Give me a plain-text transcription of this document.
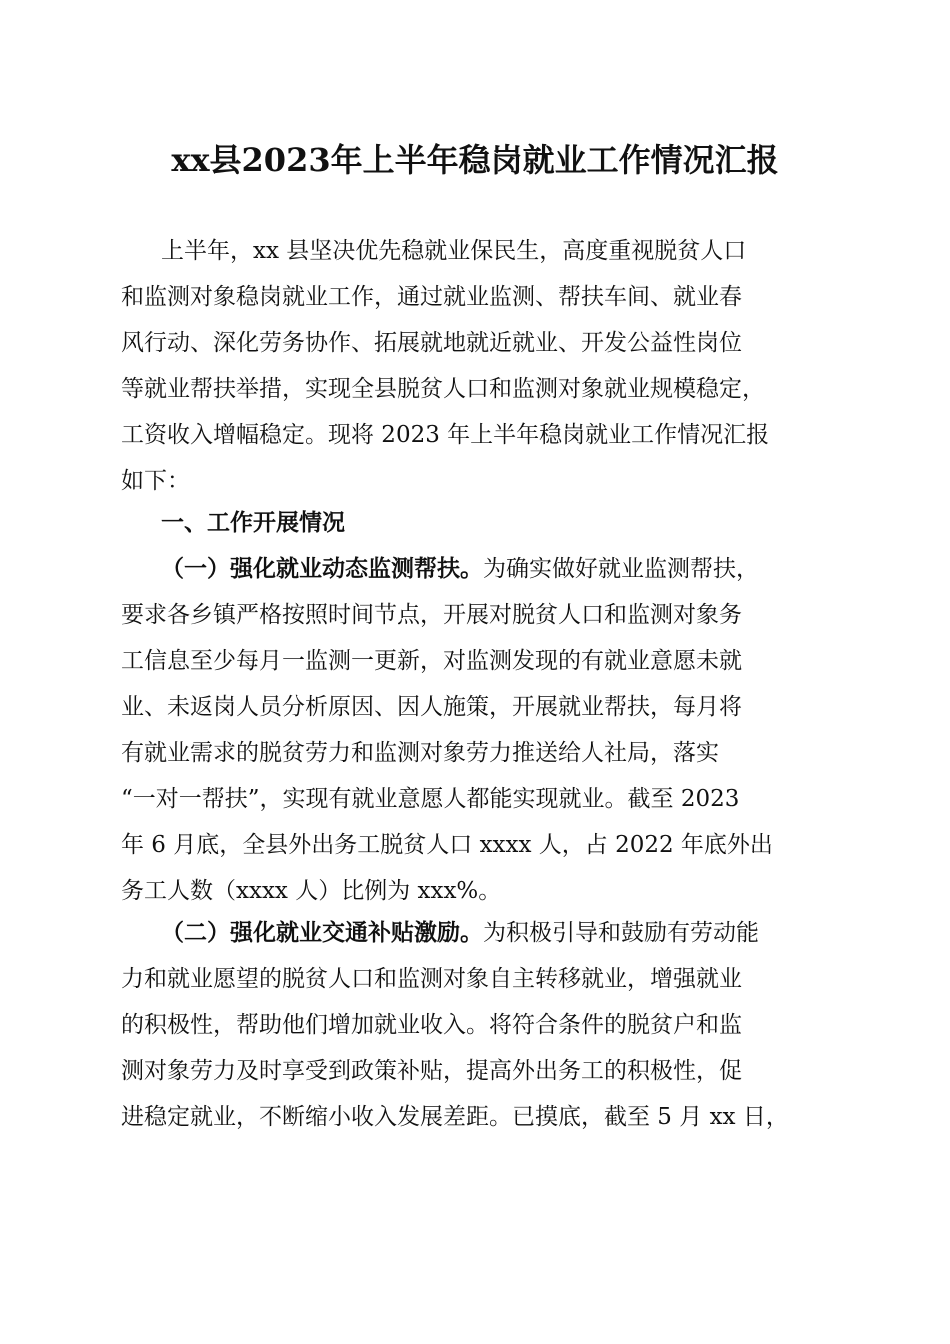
xx县2023年上半年稳岗就业工作情况汇报
上半年，xx 县坚决优先稳就业保民生，高度重视脱贫人口
和监测对象稳岗就业工作，通过就业监测、帮扶车间、就业春
风行动、深化劳务协作、拓展就地就近就业、开发公益性岗位
等就业帮扶举措，实现全县脱贫人口和监测对象就业规模稳定，
工资收入增幅稳定。现将 2023 年上半年稳岗就业工作情况汇报
如下：
一、工作开展情况
（一）强化就业动态监测帮扶。为确实做好就业监测帮扶，
要求各乡镇严格按照时间节点，开展对脱贫人口和监测对象务
工信息至少每月一监测一更新，对监测发现的有就业意愿未就
业、未返岗人员分析原因、因人施策，开展就业帮扶，每月将
有就业需求的脱贫劳力和监测对象劳力推送给人社局，落实
“一对一帮扶”，实现有就业意愿人都能实现就业。截至 2023
年 6 月底，全县外出务工脱贫人口 xxxx 人，占 2022 年底外出
务工人数（xxxx 人）比例为 xxx%。
（二）强化就业交通补贴激励。为积极引导和鼓励有劳动能
力和就业愿望的脱贫人口和监测对象自主转移就业，增强就业
的积极性，帮助他们增加就业收入。将符合条件的脱贫户和监
测对象劳力及时享受到政策补贴，提高外出务工的积极性，促
进稳定就业，不断缩小收入发展差距。已摸底，截至 5 月 xx 日，
